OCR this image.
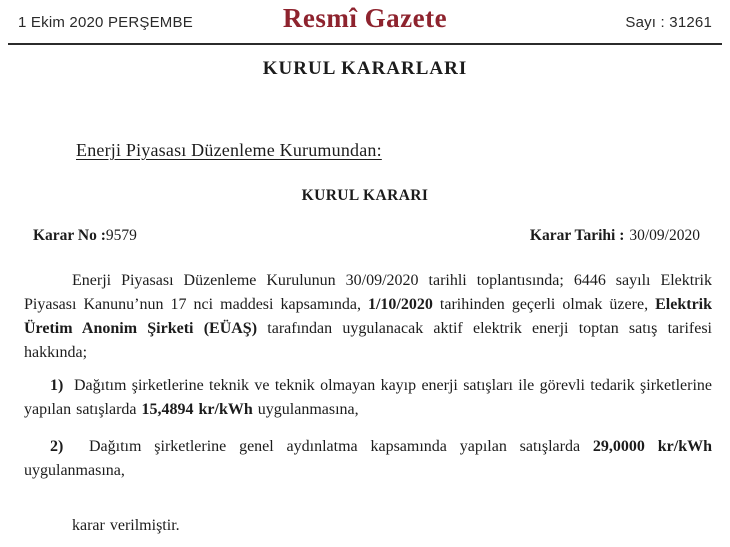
1 Ekim 2020 PERŞEMBE	Resmî Gazete	Sayı : 31261
KURUL KARARLARI
Enerji Piyasası Düzenleme Kurumundan:
KURUL KARARI
Karar No :9579	Karar Tarihi : 30/09/2020

Enerji Piyasası Düzenleme Kurulunun 30/09/2020 tarihli toplantısında; 6446 sayılı Elektrik Piyasası Kanunu’nun 17 nci maddesi kapsamında, 1/10/2020 tarihinden geçerli olmak üzere, Elektrik Üretim Anonim Şirketi (EÜAŞ) tarafından uygulanacak aktif elektrik enerji toptan satış tarifesi hakkında;

1)  Dağıtım şirketlerine teknik ve teknik olmayan kayıp enerji satışları ile görevli tedarik şirketlerine yapılan satışlarda 15,4894 kr/kWh uygulanmasına,

2)  Dağıtım şirketlerine genel aydınlatma kapsamında yapılan satışlarda 29,0000 kr/kWh uygulanmasına,

karar verilmiştir.
